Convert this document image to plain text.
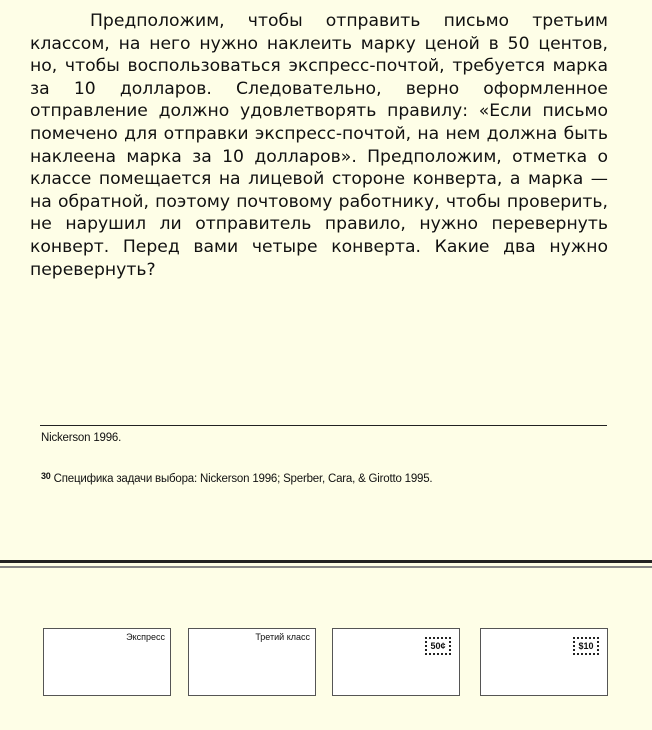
Предположим, чтобы отправить письмо третьим классом, на него нужно наклеить марку ценой в 50 центов, но, чтобы воспользоваться экспресс-почтой, требуется марка за 10 долларов. Следовательно, верно оформленное отправление должно удовлетворять правилу: «Если письмо помечено для отправки экспресс-почтой, на нем должна быть наклеена марка за 10 долларов». Предположим, отметка о классе помещается на лицевой стороне конверта, а марка — на обратной, поэтому почтовому работнику, чтобы проверить, не нарушил ли отправитель правило, нужно перевернуть конверт. Перед вами четыре конверта. Какие два нужно перевернуть?

Nickerson 1996.
$^{30}$ Специфика задачи выбора: Nickerson 1996; Sperber, Cara, & Girotto 1995.
Экспресс	Третий класс
50¢	$10
